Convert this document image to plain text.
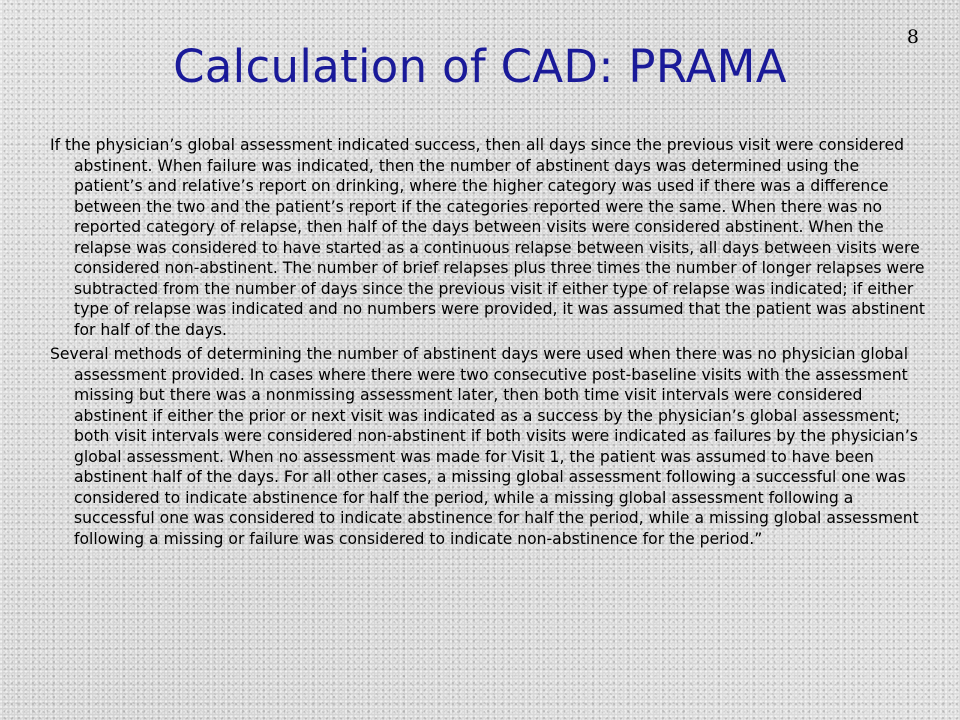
8
Calculation of CAD: PRAMA

If the physician’s global assessment indicated success, then all days since the previous visit were considered abstinent. When failure was indicated, then the number of abstinent days was determined using the patient’s and relative’s report on drinking, where the higher category was used if there was a difference between the two and the patient’s report if the categories reported were the same. When there was no reported category of relapse, then half of the days between visits were considered abstinent. When the relapse was considered to have started as a continuous relapse between visits, all days between visits were considered non-abstinent. The number of brief relapses plus three times the number of longer relapses were subtracted from the number of days since the previous visit if either type of relapse was indicated; if either type of relapse was indicated and no numbers were provided, it was assumed that the patient was abstinent for half of the days.

Several methods of determining the number of abstinent days were used when there was no physician global assessment provided. In cases where there were two consecutive post-baseline visits with the assessment missing but there was a nonmissing assessment later, then both time visit intervals were considered abstinent if either the prior or next visit was indicated as a success by the physician’s global assessment; both visit intervals were considered non-abstinent if both visits were indicated as failures by the physician’s global assessment. When no assessment was made for Visit 1, the patient was assumed to have been abstinent half of the days. For all other cases, a missing global assessment following a successful one was considered to indicate abstinence for half the period, while a missing global assessment following a successful one was considered to indicate abstinence for half the period, while a missing global assessment following a missing or failure was considered to indicate non-abstinence for the period.”
